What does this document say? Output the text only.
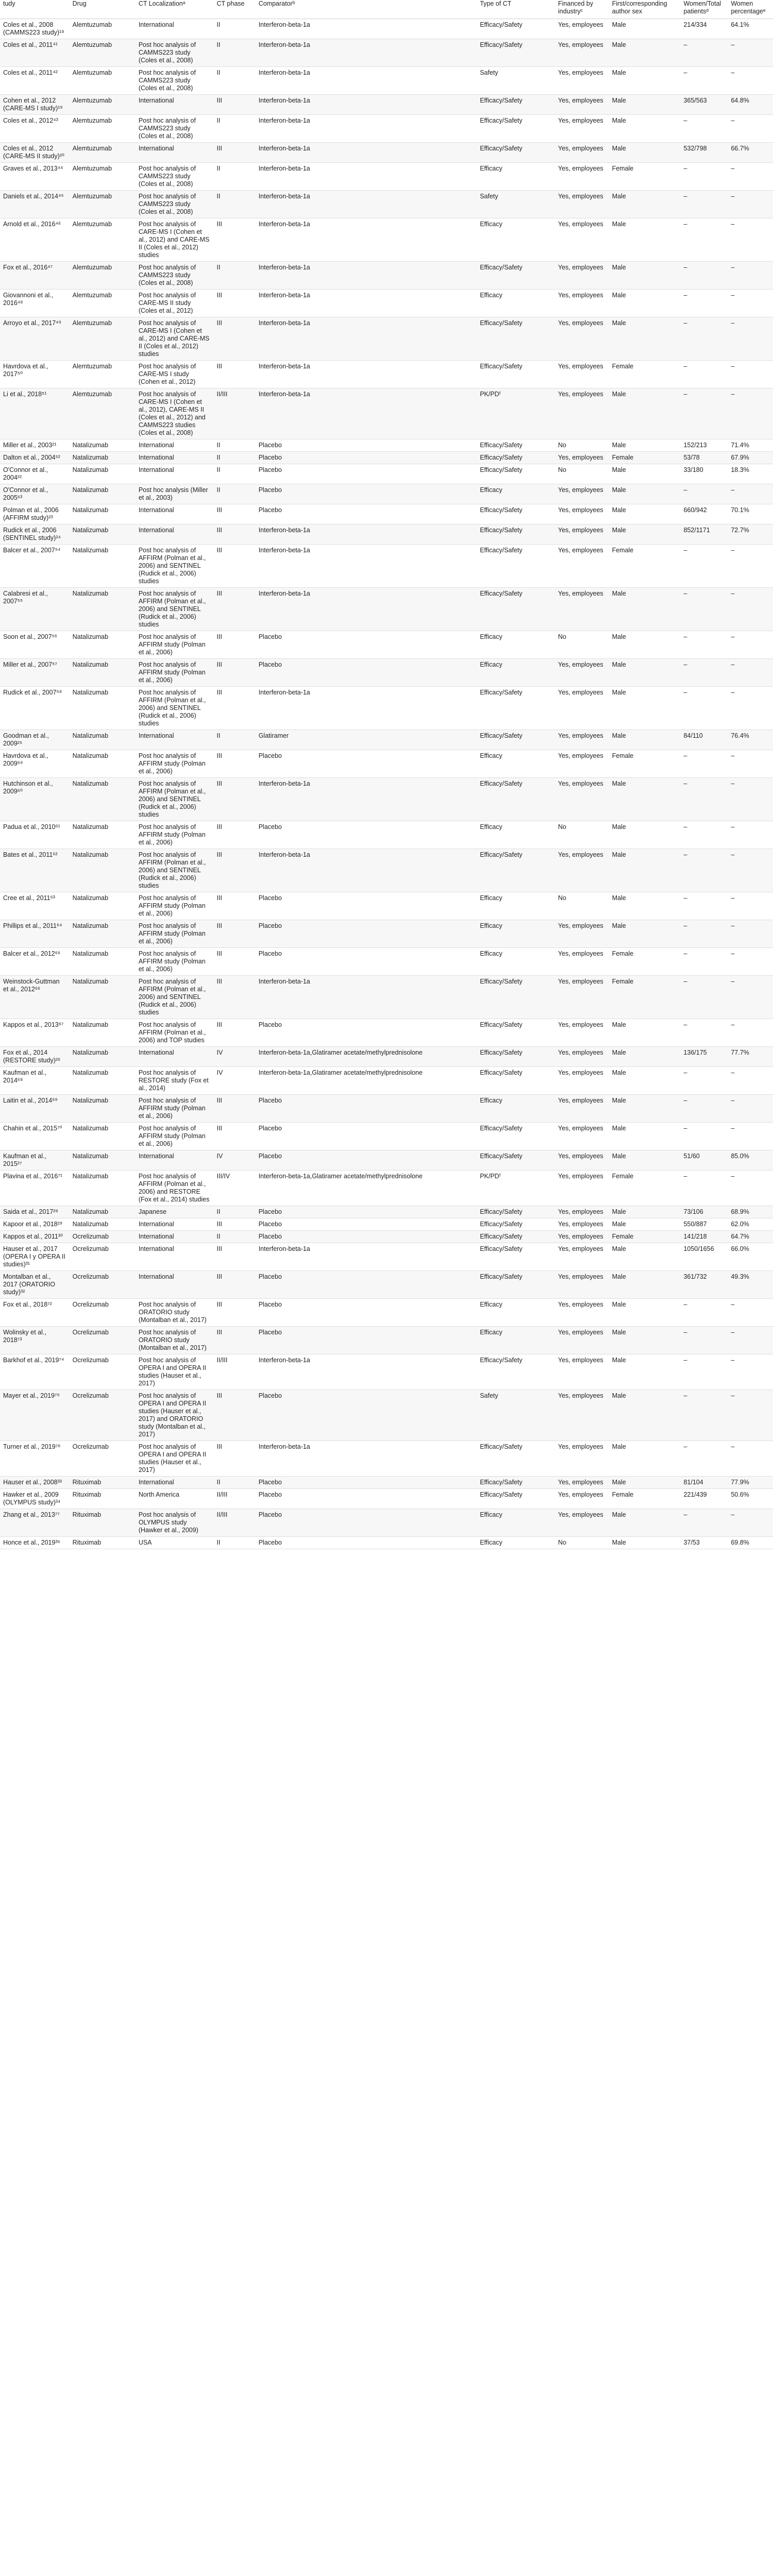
tudy	Drug	CT Localizationᵃ	CT phase	Comparatorᵇ	Type of CT	Financed by industryᶜ	First/corresponding author sex	Women/Total patientsᵈ	Women percentageᵉ
Coles et al., 2008 (CAMMS223 study)¹⁸	Alemtuzumab	International	II	Interferon-beta-1a	Efficacy/Safety	Yes, employees	Male	214/334	64.1%
Coles et al., 2011⁴¹	Alemtuzumab	Post hoc analysis of CAMMS223 study (Coles et al., 2008)	II	Interferon-beta-1a	Efficacy/Safety	Yes, employees	Male	–	–
Coles et al., 2011⁴²	Alemtuzumab	Post hoc analysis of CAMMS223 study (Coles et al., 2008)	II	Interferon-beta-1a	Safety	Yes, employees	Male	–	–
Cohen et al., 2012 (CARE-MS I study)¹⁹	Alemtuzumab	International	III	Interferon-beta-1a	Efficacy/Safety	Yes, employees	Male	365/563	64.8%
Coles et al., 2012⁴³	Alemtuzumab	Post hoc analysis of CAMMS223 study (Coles et al., 2008)	II	Interferon-beta-1a	Efficacy/Safety	Yes, employees	Male	–	–
Coles et al., 2012 (CARE-MS II study)²⁰	Alemtuzumab	International	III	Interferon-beta-1a	Efficacy/Safety	Yes, employees	Male	532/798	66.7%
Graves et al., 2013⁴⁴	Alemtuzumab	Post hoc analysis of CAMMS223 study (Coles et al., 2008)	II	Interferon-beta-1a	Efficacy	Yes, employees	Female	–	–
Daniels et al., 2014⁴⁵	Alemtuzumab	Post hoc analysis of CAMMS223 study (Coles et al., 2008)	II	Interferon-beta-1a	Safety	Yes, employees	Male	–	–
Arnold et al., 2016⁴⁶	Alemtuzumab	Post hoc analysis of CARE-MS I (Cohen et al., 2012) and CARE-MS II (Coles et al., 2012) studies	III	Interferon-beta-1a	Efficacy	Yes, employees	Male	–	–
Fox et al., 2016⁴⁷	Alemtuzumab	Post hoc analysis of CAMMS223 study (Coles et al., 2008)	II	Interferon-beta-1a	Efficacy/Safety	Yes, employees	Male	–	–
Giovannoni et al., 2016⁴⁸	Alemtuzumab	Post hoc analysis of CARE-MS II study (Coles et al., 2012)	III	Interferon-beta-1a	Efficacy	Yes, employees	Male	–	–
Arroyo et al., 2017⁴⁹	Alemtuzumab	Post hoc analysis of CARE-MS I (Cohen et al., 2012) and CARE-MS II (Coles et al., 2012) studies	III	Interferon-beta-1a	Efficacy/Safety	Yes, employees	Male	–	–
Havrdova et al., 2017⁵⁰	Alemtuzumab	Post hoc analysis of CARE-MS I study (Cohen et al., 2012)	III	Interferon-beta-1a	Efficacy/Safety	Yes, employees	Female	–	–
Li et al., 2018⁵¹	Alemtuzumab	Post hoc analysis of CARE-MS I (Cohen et al., 2012), CARE-MS II (Coles et al., 2012) and CAMMS223 studies (Coles et al., 2008)	II/III	Interferon-beta-1a	PK/PDᶠ	Yes, employees	Male	–	–
Miller et al., 2003²¹	Natalizumab	International	II	Placebo	Efficacy/Safety	No	Male	152/213	71.4%
Dalton et al., 2004⁵²	Natalizumab	International	II	Placebo	Efficacy/Safety	Yes, employees	Female	53/78	67.9%
O'Connor et al., 2004²²	Natalizumab	International	II	Placebo	Efficacy/Safety	No	Male	33/180	18.3%
O'Connor et al., 2005⁵³	Natalizumab	Post hoc analysis (Miller et al., 2003)	II	Placebo	Efficacy	Yes, employees	Male	–	–
Polman et al., 2006 (AFFIRM study)²³	Natalizumab	International	III	Placebo	Efficacy/Safety	Yes, employees	Male	660/942	70.1%
Rudick et al., 2006 (SENTINEL study)²⁴	Natalizumab	International	III	Interferon-beta-1a	Efficacy/Safety	Yes, employees	Male	852/1171	72.7%
Balcer et al., 2007⁵⁴	Natalizumab	Post hoc analysis of AFFIRM (Polman et al., 2006) and SENTINEL (Rudick et al., 2006) studies	III	Interferon-beta-1a	Efficacy/Safety	Yes, employees	Female	–	–
Calabresi et al., 2007⁵⁵	Natalizumab	Post hoc analysis of AFFIRM (Polman et al., 2006) and SENTINEL (Rudick et al., 2006) studies	III	Interferon-beta-1a	Efficacy/Safety	Yes, employees	Male	–	–
Soon et al., 2007⁵⁶	Natalizumab	Post hoc analysis of AFFIRM study (Polman et al., 2006)	III	Placebo	Efficacy	No	Male	–	–
Miller et al., 2007⁵⁷	Natalizumab	Post hoc analysis of AFFIRM study (Polman et al., 2006)	III	Placebo	Efficacy	Yes, employees	Male	–	–
Rudick et al., 2007⁵⁸	Natalizumab	Post hoc analysis of AFFIRM (Polman et al., 2006) and SENTINEL (Rudick et al., 2006) studies	III	Interferon-beta-1a	Efficacy/Safety	Yes, employees	Male	–	–
Goodman et al., 2009²⁵	Natalizumab	International	II	Glatiramer	Efficacy/Safety	Yes, employees	Male	84/110	76.4%
Havrdova et al., 2009⁵⁹	Natalizumab	Post hoc analysis of AFFIRM study (Polman et al., 2006)	III	Placebo	Efficacy	Yes, employees	Female	–	–
Hutchinson et al., 2009⁶⁰	Natalizumab	Post hoc analysis of AFFIRM (Polman et al., 2006) and SENTINEL (Rudick et al., 2006) studies	III	Interferon-beta-1a	Efficacy/Safety	Yes, employees	Male	–	–
Padua et al., 2010⁶¹	Natalizumab	Post hoc analysis of AFFIRM study (Polman et al., 2006)	III	Placebo	Efficacy	No	Male	–	–
Bates et al., 2011⁶²	Natalizumab	Post hoc analysis of AFFIRM (Polman et al., 2006) and SENTINEL (Rudick et al., 2006) studies	III	Interferon-beta-1a	Efficacy/Safety	Yes, employees	Male	–	–
Cree et al., 2011⁶³	Natalizumab	Post hoc analysis of AFFIRM study (Polman et al., 2006)	III	Placebo	Efficacy	No	Male	–	–
Phillips et al., 2011⁶⁴	Natalizumab	Post hoc analysis of AFFIRM study (Polman et al., 2006)	III	Placebo	Efficacy	Yes, employees	Male	–	–
Balcer et al., 2012⁶⁵	Natalizumab	Post hoc analysis of AFFIRM study (Polman et al., 2006)	III	Placebo	Efficacy	Yes, employees	Female	–	–
Weinstock-Guttman et al., 2012⁶⁶	Natalizumab	Post hoc analysis of AFFIRM (Polman et al., 2006) and SENTINEL (Rudick et al., 2006) studies	III	Interferon-beta-1a	Efficacy/Safety	Yes, employees	Female	–	–
Kappos et al., 2013⁶⁷	Natalizumab	Post hoc analysis of AFFIRM (Polman et al., 2006) and TOP studies	III	Placebo	Efficacy/Safety	Yes, employees	Male	–	–
Fox et al., 2014 (RESTORE study)²⁶	Natalizumab	International	IV	Interferon-beta-1a,Glatiramer acetate/methylprednisolone	Efficacy/Safety	Yes, employees	Male	136/175	77.7%
Kaufman et al., 2014⁶⁸	Natalizumab	Post hoc analysis of RESTORE study (Fox et al., 2014)	IV	Interferon-beta-1a,Glatiramer acetate/methylprednisolone	Efficacy/Safety	Yes, employees	Male	–	–
Laitin et al., 2014⁶⁹	Natalizumab	Post hoc analysis of AFFIRM study (Polman et al., 2006)	III	Placebo	Efficacy	Yes, employees	Male	–	–
Chahin et al., 2015⁷⁰	Natalizumab	Post hoc analysis of AFFIRM study (Polman et al., 2006)	III	Placebo	Efficacy/Safety	Yes, employees	Male	–	–
Kaufman et al., 2015²⁷	Natalizumab	International	IV	Placebo	Efficacy/Safety	Yes, employees	Male	51/60	85.0%
Plavina et al., 2016⁷¹	Natalizumab	Post hoc analysis of AFFIRM (Polman et al., 2006) and RESTORE (Fox et al., 2014) studies	III/IV	Interferon-beta-1a,Glatiramer acetate/methylprednisolone	PK/PDᶠ	Yes, employees	Female	–	–
Saida et al., 2017²⁸	Natalizumab	Japanese	II	Placebo	Efficacy/Safety	Yes, employees	Male	73/106	68.9%
Kapoor et al., 2018²⁹	Natalizumab	International	III	Placebo	Efficacy/Safety	Yes, employees	Male	550/887	62.0%
Kappos et al., 2011³⁰	Ocrelizumab	International	II	Placebo	Efficacy/Safety	Yes, employees	Female	141/218	64.7%
Hauser et al., 2017 (OPERA I y OPERA II studies)³¹	Ocrelizumab	International	III	Interferon-beta-1a	Efficacy/Safety	Yes, employees	Male	1050/1656	66.0%
Montalban et al., 2017 (ORATORIO study)³²	Ocrelizumab	International	III	Placebo	Efficacy/Safety	Yes, employees	Male	361/732	49.3%
Fox et al., 2018⁷²	Ocrelizumab	Post hoc analysis of ORATORIO study (Montalban et al., 2017)	III	Placebo	Efficacy	Yes, employees	Male	–	–
Wolinsky et al., 2018⁷³	Ocrelizumab	Post hoc analysis of ORATORIO study (Montalban et al., 2017)	III	Placebo	Efficacy	Yes, employees	Male	–	–
Barkhof et al., 2019⁷⁴	Ocrelizumab	Post hoc analysis of OPERA I and OPERA II studies (Hauser et al., 2017)	II/III	Interferon-beta-1a	Efficacy/Safety	Yes, employees	Male	–	–
Mayer et al., 2019⁷⁵	Ocrelizumab	Post hoc analysis of OPERA I and OPERA II studies (Hauser et al., 2017) and ORATORIO study (Montalban et al., 2017)	III	Placebo	Safety	Yes, employees	Male	–	–
Turner et al., 2019⁷⁶	Ocrelizumab	Post hoc analysis of OPERA I and OPERA II studies (Hauser et al., 2017)	III	Interferon-beta-1a	Efficacy/Safety	Yes, employees	Male	–	–
Hauser et al., 2008³³	Rituximab	International	II	Placebo	Efficacy/Safety	Yes, employees	Male	81/104	77.9%
Hawker et al., 2009 (OLYMPUS study)³⁴	Rituximab	North America	II/III	Placebo	Efficacy/Safety	Yes, employees	Female	221/439	50.6%
Zhang et al., 2013⁷⁷	Rituximab	Post hoc analysis of OLYMPUS study (Hawker et al., 2009)	II/III	Placebo	Efficacy	Yes, employees	Male	–	–
Honce et al., 2019³⁵	Rituximab	USA	II	Placebo	Efficacy	No	Male	37/53	69.8%
